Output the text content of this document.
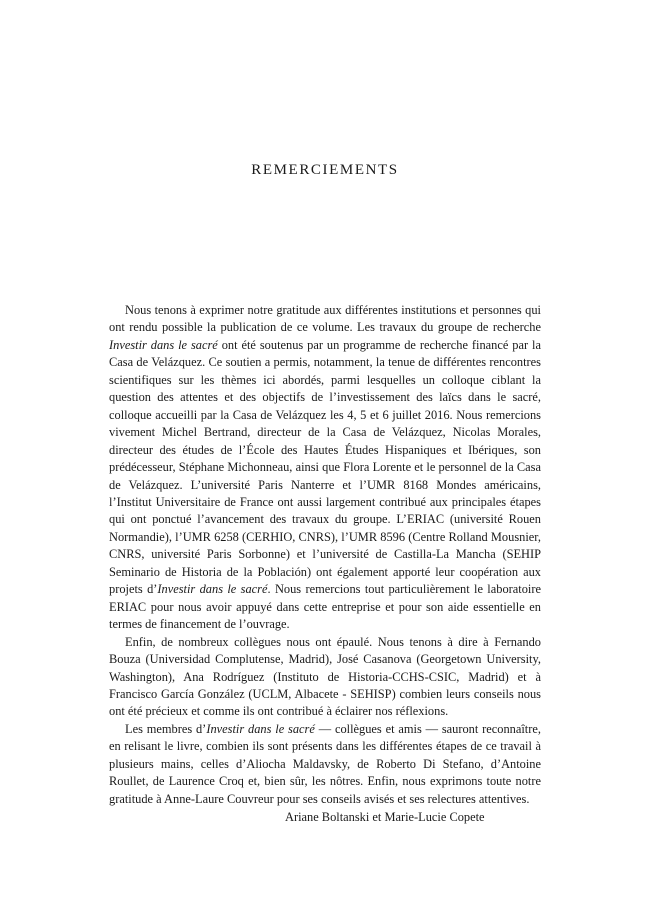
REMERCIEMENTS

Nous tenons à exprimer notre gratitude aux différentes institutions et personnes qui ont rendu possible la publication de ce volume. Les travaux du groupe de recherche Investir dans le sacré ont été soutenus par un programme de recherche financé par la Casa de Velázquez. Ce soutien a permis, notamment, la tenue de différentes rencontres scientifiques sur les thèmes ici abordés, parmi lesquelles un colloque ciblant la question des attentes et des objectifs de l’investissement des laïcs dans le sacré, colloque accueilli par la Casa de Velázquez les 4, 5 et 6 juillet 2016. Nous remercions vivement Michel Bertrand, directeur de la Casa de Velázquez, Nicolas Morales, directeur des études de l’École des Hautes Études Hispaniques et Ibériques, son prédécesseur, Stéphane Michonneau, ainsi que Flora Lorente et le personnel de la Casa de Velázquez. L’université Paris Nanterre et l’UMR 8168 Mondes américains, l’Institut Universitaire de France ont aussi largement contribué aux principales étapes qui ont ponctué l’avancement des travaux du groupe. L’ERIAC (université Rouen Normandie), l’UMR 6258 (CERHIO, CNRS), l’UMR 8596 (Centre Rolland Mousnier, CNRS, université Paris Sorbonne) et l’université de Castilla-La Mancha (SEHIP Seminario de Historia de la Población) ont également apporté leur coopération aux projets d’Investir dans le sacré. Nous remercions tout particulièrement le laboratoire ERIAC pour nous avoir appuyé dans cette entreprise et pour son aide essentielle en termes de financement de l’ouvrage.

Enfin, de nombreux collègues nous ont épaulé. Nous tenons à dire à Fernando Bouza (Universidad Complutense, Madrid), José Casanova (Georgetown University, Washington), Ana Rodríguez (Instituto de Historia-CCHS-CSIC, Madrid) et à Francisco García González (UCLM, Albacete - SEHISP) combien leurs conseils nous ont été précieux et comme ils ont contribué à éclairer nos réflexions.

Les membres d’Investir dans le sacré — collègues et amis — sauront reconnaître, en relisant le livre, combien ils sont présents dans les différentes étapes de ce travail à plusieurs mains, celles d’Aliocha Maldavsky, de Roberto Di Stefano, d’Antoine Roullet, de Laurence Croq et, bien sûr, les nôtres. Enfin, nous exprimons toute notre gratitude à Anne-Laure Couvreur pour ses conseils avisés et ses relectures attentives.

Ariane Boltanski et Marie-Lucie Copete
